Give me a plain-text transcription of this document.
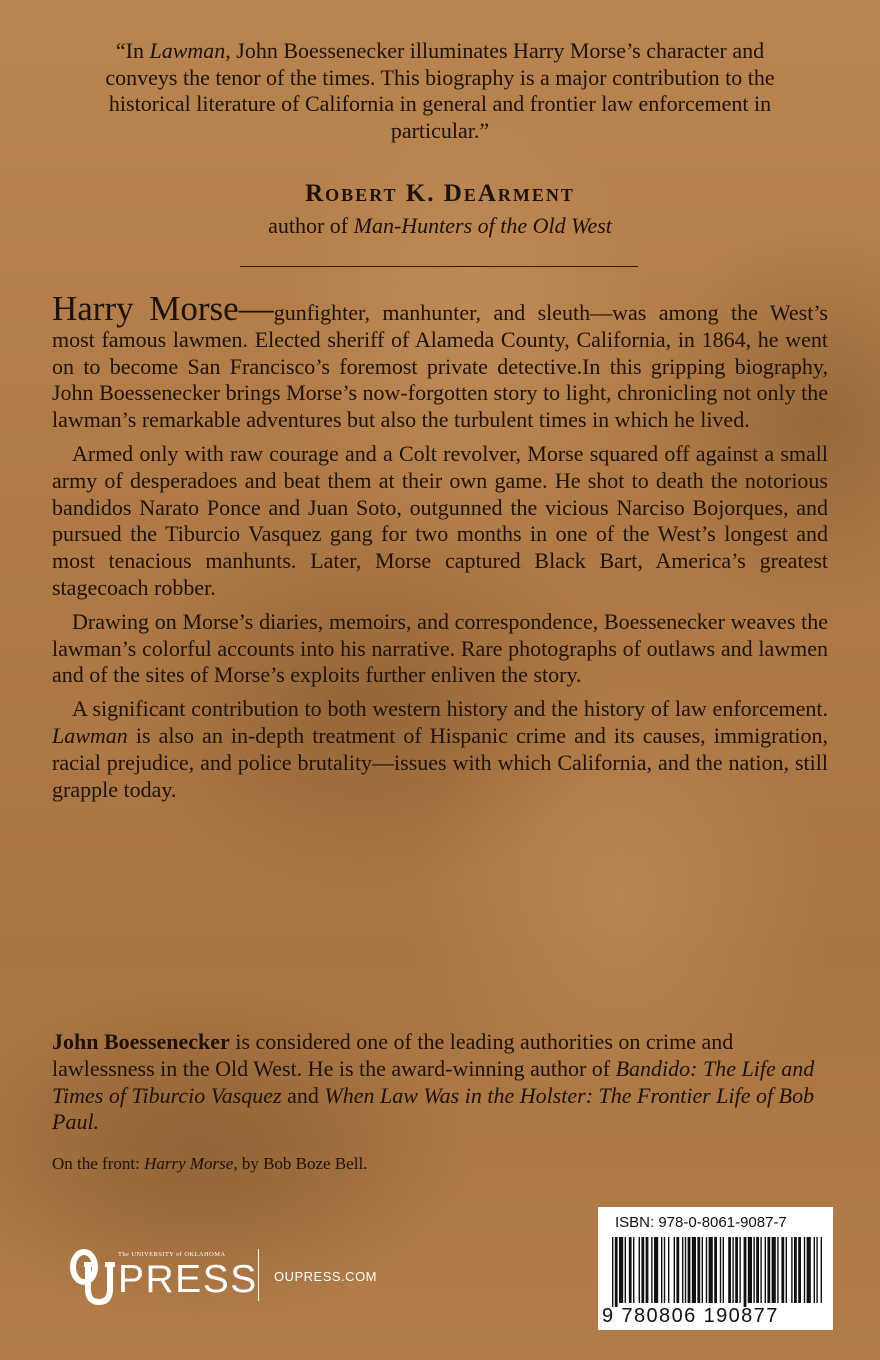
“In Lawman, John Boessenecker illuminates Harry Morse’s character and conveys the tenor of the times. This biography is a major contribution to the historical literature of California in general and frontier law enforcement in particular.”

Robert K. DeArment

author of Man-Hunters of the Old West

Harry Morse—gunfighter, manhunter, and sleuth—was among the West’s most famous lawmen. Elected sheriff of Alameda County, California, in 1864, he went on to become San Francisco’s foremost private detective.In this gripping biography, John Boessenecker brings Morse’s now-forgotten story to light, chronicling not only the lawman’s remarkable adventures but also the turbulent times in which he lived.

Armed only with raw courage and a Colt revolver, Morse squared off against a small army of desperadoes and beat them at their own game. He shot to death the notorious bandidos Narato Ponce and Juan Soto, outgunned the vicious Narciso Bojorques, and pursued the Tiburcio Vasquez gang for two months in one of the West’s longest and most tenacious manhunts. Later, Morse captured Black Bart, America’s greatest stagecoach robber.

Drawing on Morse’s diaries, memoirs, and correspondence, Boessenecker weaves the lawman’s colorful accounts into his narrative. Rare photographs of outlaws and lawmen and of the sites of Morse’s exploits further enliven the story.

A significant contribution to both western history and the history of law enforcement. Lawman is also an in-depth treatment of Hispanic crime and its causes, immigration, racial prejudice, and police brutality—issues with which California, and the nation, still grapple today.

John Boessenecker is considered one of the leading authorities on crime and lawlessness in the Old West. He is the award-winning author of Bandido: The Life and Times of Tiburcio Vasquez and When Law Was in the Holster: The Frontier Life of Bob Paul.

On the front: Harry Morse, by Bob Boze Bell.

The UNIVERSITY of OKLAHOMA
PRESS OUPRESS.COM
ISBN: 978-0-8061-9087-7
9 780806 190877
